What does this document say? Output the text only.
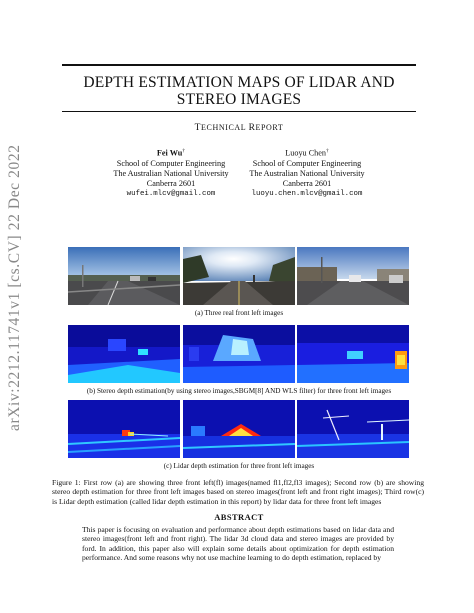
arXiv:2212.11741v1 [cs.CV] 22 Dec 2022
DEPTH ESTIMATION MAPS OF LIDAR AND STEREO IMAGES
TECHNICAL REPORT
Fei Wu†
School of Computer Engineering
The Australian National University
Canberra 2601
wufei.mlcv@gmail.com
Luoyu Chen†
School of Computer Engineering
The Australian National University
Canberra 2601
luoyu.chen.mlcv@gmail.com
(a) Three real front left images
(b) Stereo depth estimation(by using stereo images,SBGM[8] AND WLS filter) for three front left images
(c) Lidar depth estimation for three front left images
Figure 1: First row (a) are showing three front left(fl) images(named fl1,fl2,fl3 images); Second row (b) are showing stereo depth estimation for three front left images based on stereo images(front left and front right images); Third row(c) is Lidar depth estimation (called lidar depth estimation in this report) by lidar data for three front left images
ABSTRACT
This paper is focusing on evaluation and performance about depth estimations based on lidar data and stereo images(front left and front right). The lidar 3d cloud data and stereo images are provided by ford. In addition, this paper also will explain some details about optimization for depth estimation performance. And some reasons why not use machine learning to do depth estimation, replaced by
